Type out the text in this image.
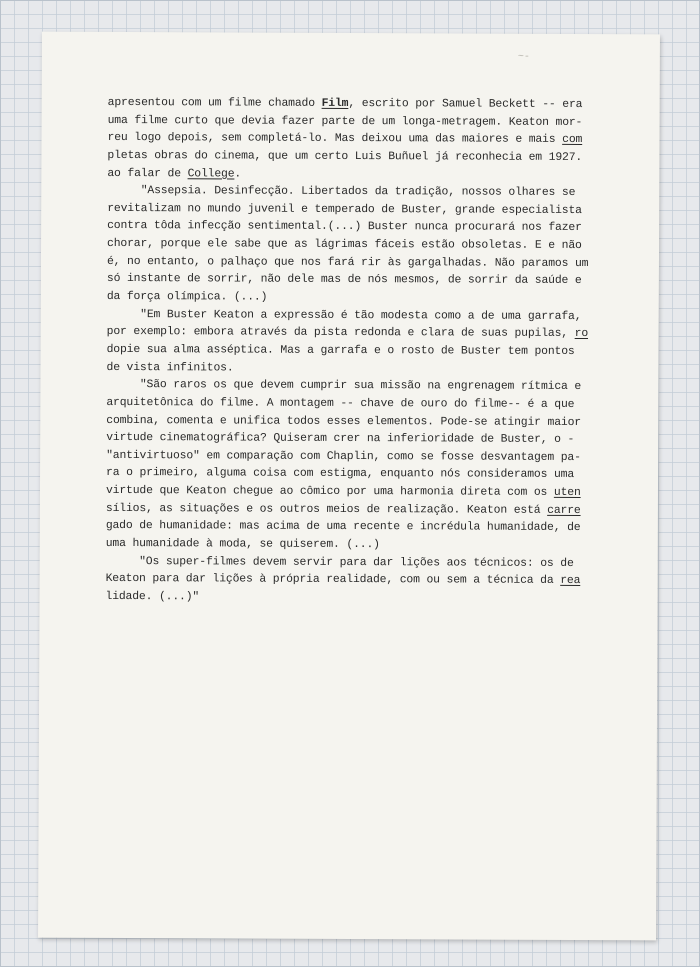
~-
apresentou com um filme chamado Film, escrito por Samuel Beckett -- era
uma filme curto que devia fazer parte de um longa-metragem. Keaton mor-
reu logo depois, sem completá-lo. Mas deixou uma das maiores e mais com
pletas obras do cinema, que um certo Luis Buñuel já reconhecia em 1927.
ao falar de College.
"Assepsia. Desinfecção. Libertados da tradição, nossos olhares se
revitalizam no mundo juvenil e temperado de Buster, grande especialista
contra tôda infecção sentimental.(...) Buster nunca procurará nos fazer
chorar, porque ele sabe que as lágrimas fáceis estão obsoletas. E e não
é, no entanto, o palhaço que nos fará rir às gargalhadas. Não paramos um
só instante de sorrir, não dele mas de nós mesmos, de sorrir da saúde e
da força olímpica. (...)
"Em Buster Keaton a expressão é tão modesta como a de uma garrafa,
por exemplo: embora através da pista redonda e clara de suas pupilas, ro
dopie sua alma asséptica. Mas a garrafa e o rosto de Buster tem pontos
de vista infinitos.
"São raros os que devem cumprir sua missão na engrenagem rítmica e
arquitetônica do filme. A montagem -- chave de ouro do filme-- é a que
combina, comenta e unifica todos esses elementos. Pode-se atingir maior
virtude cinematográfica? Quiseram crer na inferioridade de Buster, o -
"antivirtuoso" em comparação com Chaplin, como se fosse desvantagem pa-
ra o primeiro, alguma coisa com estigma, enquanto nós consideramos uma
virtude que Keaton chegue ao cômico por uma harmonia direta com os uten
sílios, as situações e os outros meios de realização. Keaton está carre
gado de humanidade: mas acima de uma recente e incrédula humanidade, de
uma humanidade à moda, se quiserem. (...)
"Os super-filmes devem servir para dar lições aos técnicos: os de
Keaton para dar lições à própria realidade, com ou sem a técnica da rea
lidade. (...)"
